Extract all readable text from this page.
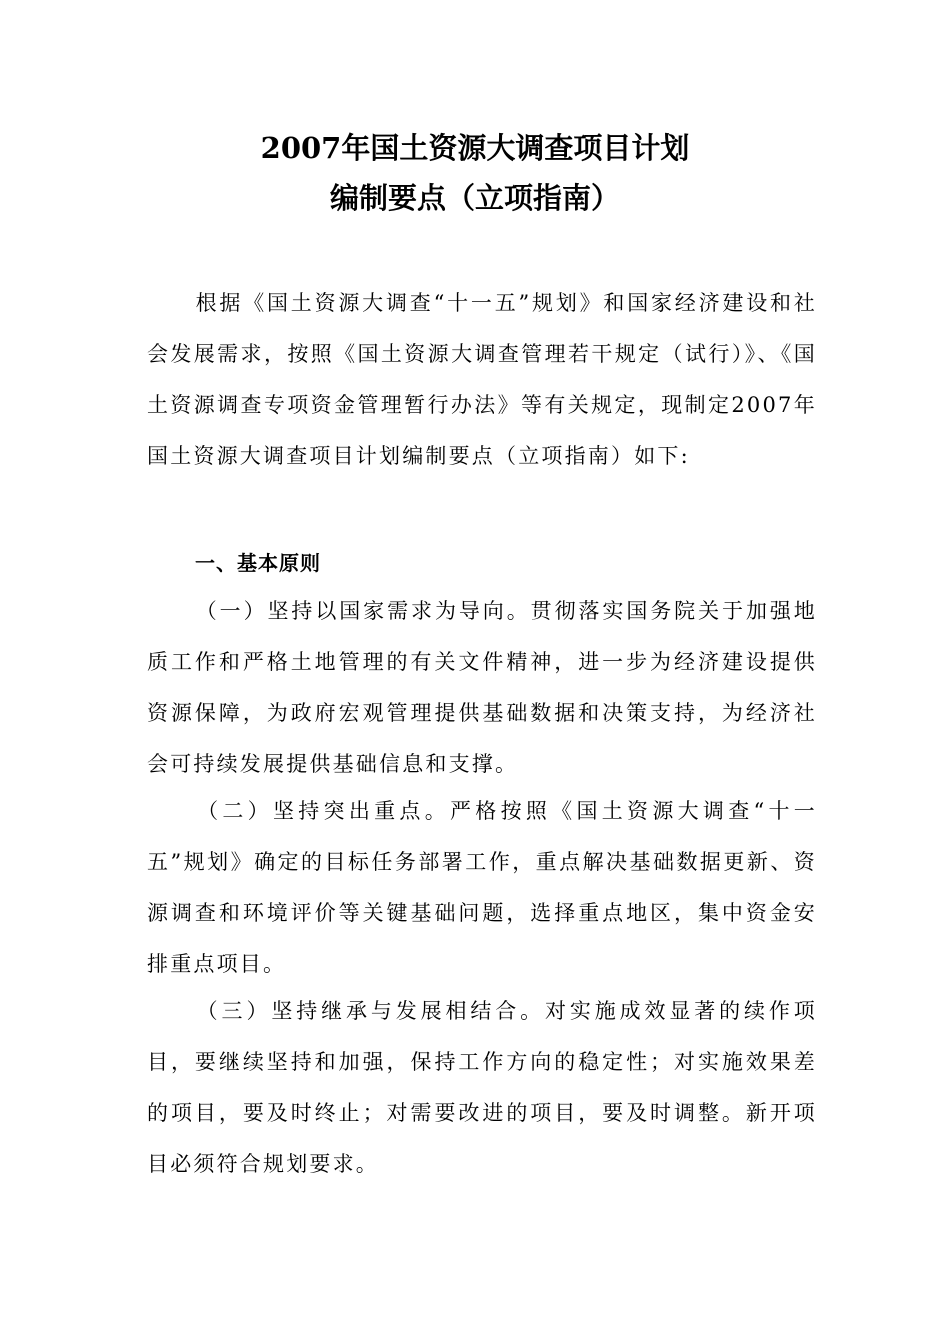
2007年国土资源大调查项目计划
编制要点（立项指南）
根据《国土资源大调查“十一五”规划》和国家经济建设和社会发展需求，按照《国土资源大调查管理若干规定（试行）》、《国土资源调查专项资金管理暂行办法》等有关规定，现制定2007年国土资源大调查项目计划编制要点（立项指南）如下:
一、基本原则
（一）坚持以国家需求为导向。贯彻落实国务院关于加强地质工作和严格土地管理的有关文件精神，进一步为经济建设提供资源保障，为政府宏观管理提供基础数据和决策支持，为经济社会可持续发展提供基础信息和支撑。
（二）坚持突出重点。严格按照《国土资源大调查“十一五”规划》确定的目标任务部署工作，重点解决基础数据更新、资源调查和环境评价等关键基础问题，选择重点地区，集中资金安排重点项目。
（三）坚持继承与发展相结合。对实施成效显著的续作项目，要继续坚持和加强，保持工作方向的稳定性；对实施效果差的项目，要及时终止；对需要改进的项目，要及时调整。新开项目必须符合规划要求。
